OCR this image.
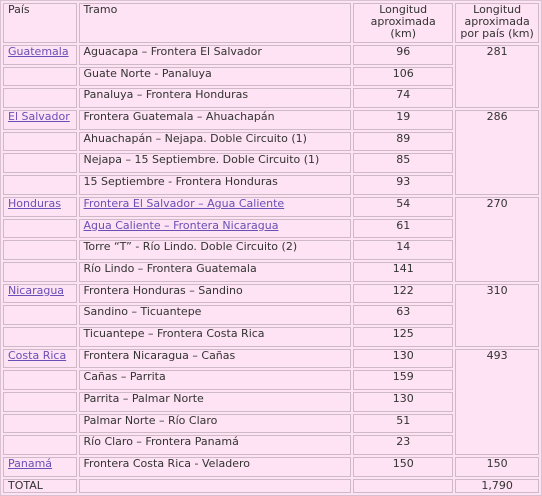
País	Tramo	Longitud aproximada (km)	Longitud aproximada por país (km)
Guatemala	Aguacapa – Frontera El Salvador	96	281
	Guate Norte - Panaluya	106	
	Panaluya – Frontera Honduras	74	
El Salvador	Frontera Guatemala – Ahuachapán	19	286
	Ahuachapán – Nejapa. Doble Circuito (1)	89	
	Nejapa – 15 Septiembre. Doble Circuito (1)	85	
	15 Septiembre - Frontera Honduras	93	
Honduras	Frontera El Salvador – Agua Caliente	54	270
	Agua Caliente – Frontera Nicaragua	61	
	Torre “T” - Río Lindo. Doble Circuito (2)	14	
	Río Lindo – Frontera Guatemala	141	
Nicaragua	Frontera Honduras – Sandino	122	310
	Sandino – Ticuantepe	63	
	Ticuantepe – Frontera Costa Rica	125	
Costa Rica	Frontera Nicaragua – Cañas	130	493
	Cañas – Parrita	159	
	Parrita – Palmar Norte	130	
	Palmar Norte – Río Claro	51	
	Río Claro – Frontera Panamá	23	
Panamá	Frontera Costa Rica - Veladero	150	150
TOTAL			1,790
